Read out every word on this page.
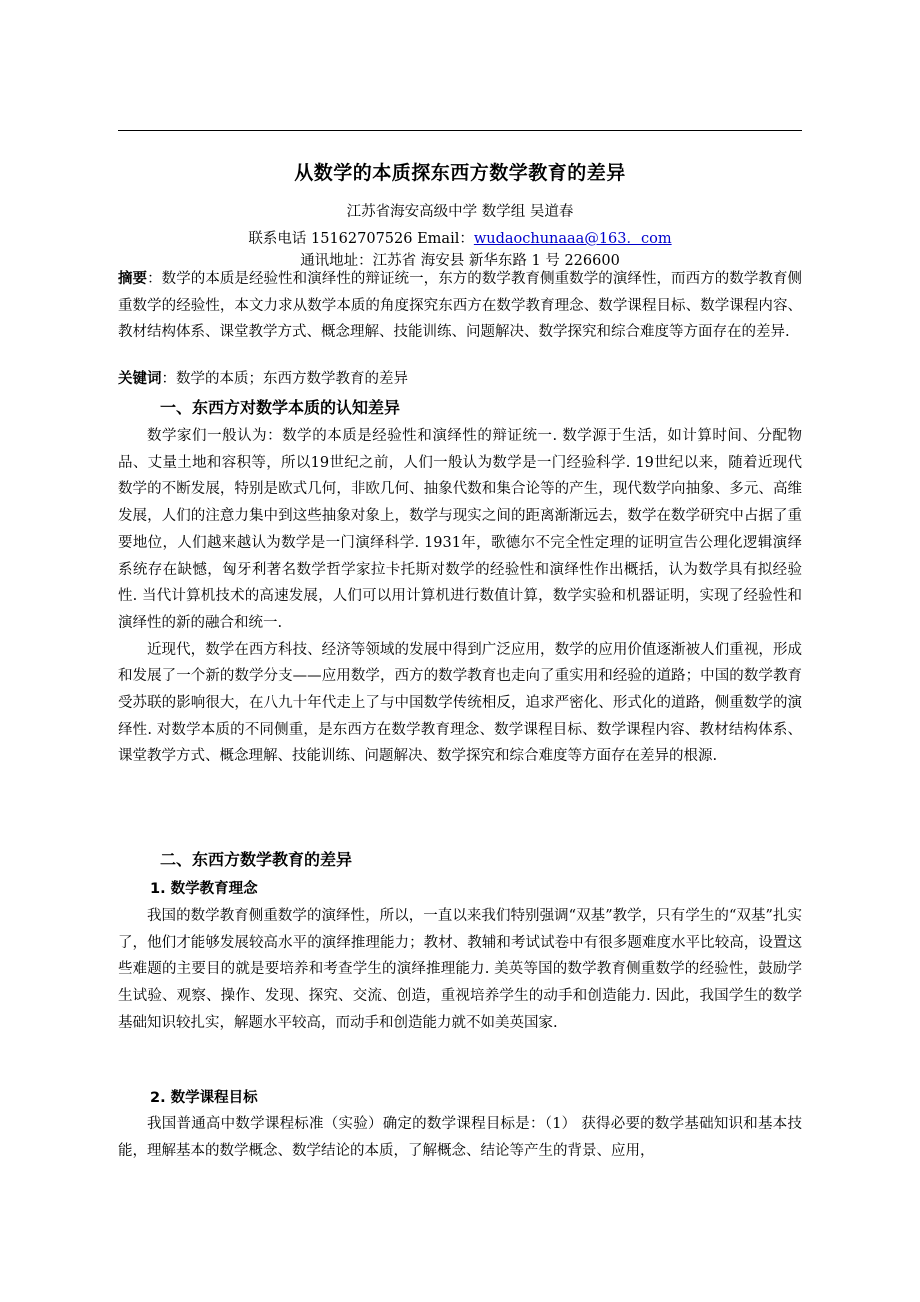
从数学的本质探东西方数学教育的差异
江苏省海安高级中学 数学组 吴道春
联系电话 15162707526 Email：wudaochunaaa@163．com
通讯地址：江苏省 海安县 新华东路 1 号 226600
摘要：数学的本质是经验性和演绎性的辩证统一，东方的数学教育侧重数学的演绎性，而西方的数学教育侧重数学的经验性，本文力求从数学本质的角度探究东西方在数学教育理念、数学课程目标、数学课程内容、教材结构体系、课堂教学方式、概念理解、技能训练、问题解决、数学探究和综合难度等方面存在的差异.
关键词：数学的本质；东西方数学教育的差异
一、东西方对数学本质的认知差异

数学家们一般认为：数学的本质是经验性和演绎性的辩证统一. 数学源于生活，如计算时间、分配物品、丈量土地和容积等，所以19世纪之前，人们一般认为数学是一门经验科学. 19世纪以来，随着近现代数学的不断发展，特别是欧式几何，非欧几何、抽象代数和集合论等的产生，现代数学向抽象、多元、高维发展，人们的注意力集中到这些抽象对象上，数学与现实之间的距离渐渐远去，数学在数学研究中占据了重要地位，人们越来越认为数学是一门演绎科学. 1931年，歌德尔不完全性定理的证明宣告公理化逻辑演绎系统存在缺憾，匈牙利著名数学哲学家拉卡托斯对数学的经验性和演绎性作出概括，认为数学具有拟经验性. 当代计算机技术的高速发展，人们可以用计算机进行数值计算，数学实验和机器证明，实现了经验性和演绎性的新的融合和统一.

近现代，数学在西方科技、经济等领域的发展中得到广泛应用，数学的应用价值逐渐被人们重视，形成和发展了一个新的数学分支——应用数学，西方的数学教育也走向了重实用和经验的道路；中国的数学教育受苏联的影响很大，在八九十年代走上了与中国数学传统相反，追求严密化、形式化的道路，侧重数学的演绎性. 对数学本质的不同侧重，是东西方在数学教育理念、数学课程目标、数学课程内容、教材结构体系、课堂教学方式、概念理解、技能训练、问题解决、数学探究和综合难度等方面存在差异的根源.

二、东西方数学教育的差异
1. 数学教育理念

我国的数学教育侧重数学的演绎性，所以，一直以来我们特别强调“双基”教学，只有学生的“双基”扎实了，他们才能够发展较高水平的演绎推理能力；教材、教辅和考试试卷中有很多题难度水平比较高，设置这些难题的主要目的就是要培养和考查学生的演绎推理能力. 美英等国的数学教育侧重数学的经验性，鼓励学生试验、观察、操作、发现、探究、交流、创造，重视培养学生的动手和创造能力. 因此，我国学生的数学基础知识较扎实，解题水平较高，而动手和创造能力就不如美英国家.

2. 数学课程目标

我国普通高中数学课程标准（实验）确定的数学课程目标是：（1） 获得必要的数学基础知识和基本技能，理解基本的数学概念、数学结论的本质，了解概念、结论等产生的背景、应用，
